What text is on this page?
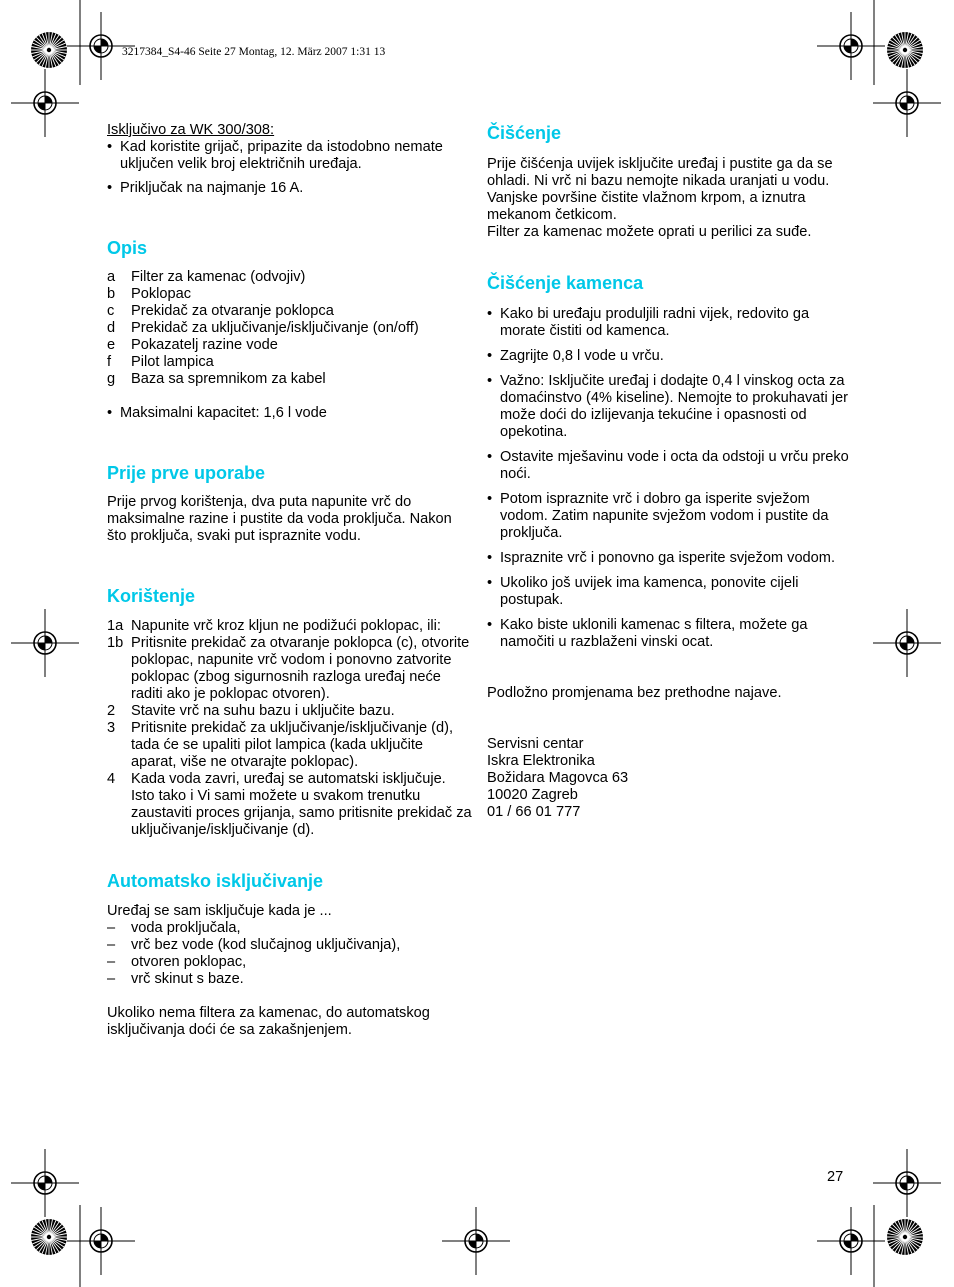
3217384_S4-46 Seite 27 Montag, 12. März 2007 1:31 13

Isključivo za WK 300/308:

• Kad koristite grijač, pripazite da istodobno nemate uključen velik broj električnih uređaja.
• Priključak na najmanje 16 A.
Opis
a	Filter za kamenac (odvojiv)
b	Poklopac
c	Prekidač za otvaranje poklopca
d	Prekidač za uključivanje/isključivanje (on/off)
e	Pokazatelj razine vode
f	Pilot lampica
g	Baza sa spremnikom za kabel
• Maksimalni kapacitet: 1,6 l vode
Prije prve uporabe

Prije prvog korištenja, dva puta napunite vrč do maksimalne razine i pustite da voda proključa. Nakon što proključa, svaki put ispraznite vodu.

Korištenje
1a Napunite vrč kroz kljun ne podižući poklopac, ili:
1b Pritisnite prekidač za otvaranje poklopca (c), otvorite poklopac, napunite vrč vodom i ponovno zatvorite poklopac (zbog sigurnosnih razloga uređaj neće raditi ako je poklopac otvoren).
2	Stavite vrč na suhu bazu i uključite bazu.
3	Pritisnite prekidač za uključivanje/isključivanje (d), tada će se upaliti pilot lampica (kada uključite aparat, više ne otvarajte poklopac).
4	Kada voda zavri, uređaj se automatski isključuje. Isto tako i Vi sami možete u svakom trenutku zaustaviti proces grijanja, samo pritisnite prekidač za uključivanje/isključivanje (d).
Automatsko isključivanje

Uređaj se sam isključuje kada je ...

–	voda proključala,
–	vrč bez vode (kod slučajnog uključivanja),
–	otvoren poklopac,
–	vrč skinut s baze.

Ukoliko nema filtera za kamenac, do automatskog isključivanja doći će sa zakašnjenjem.

Čišćenje

Prije čišćenja uvijek isključite uređaj i pustite ga da se ohladi. Ni vrč ni bazu nemojte nikada uranjati u vodu. Vanjske površine čistite vlažnom krpom, a iznutra mekanom četkicom.

Filter za kamenac možete oprati u perilici za suđe.

Čišćenje kamenca
• Kako bi uređaju produljili radni vijek, redovito ga morate čistiti od kamenca.
• Zagrijte 0,8 l vode u vrču.
• Važno: Isključite uređaj i dodajte 0,4 l vinskog octa za domaćinstvo (4% kiseline). Nemojte to prokuhavati jer može doći do izlijevanja tekućine i opasnosti od opekotina.
• Ostavite mješavinu vode i octa da odstoji u vrču preko noći.
• Potom ispraznite vrč i dobro ga isperite svježom vodom. Zatim napunite svježom vodom i pustite da proključa.
• Ispraznite vrč i ponovno ga isperite svježom vodom.
• Ukoliko još uvijek ima kamenca, ponovite cijeli postupak.
• Kako biste uklonili kamenac s filtera, možete ga namočiti u razblaženi vinski ocat.

Podložno promjenama bez prethodne najave.

Servisni centar

Iskra Elektronika

Božidara Magovca 63

10020 Zagreb

01 / 66 01 777

27
